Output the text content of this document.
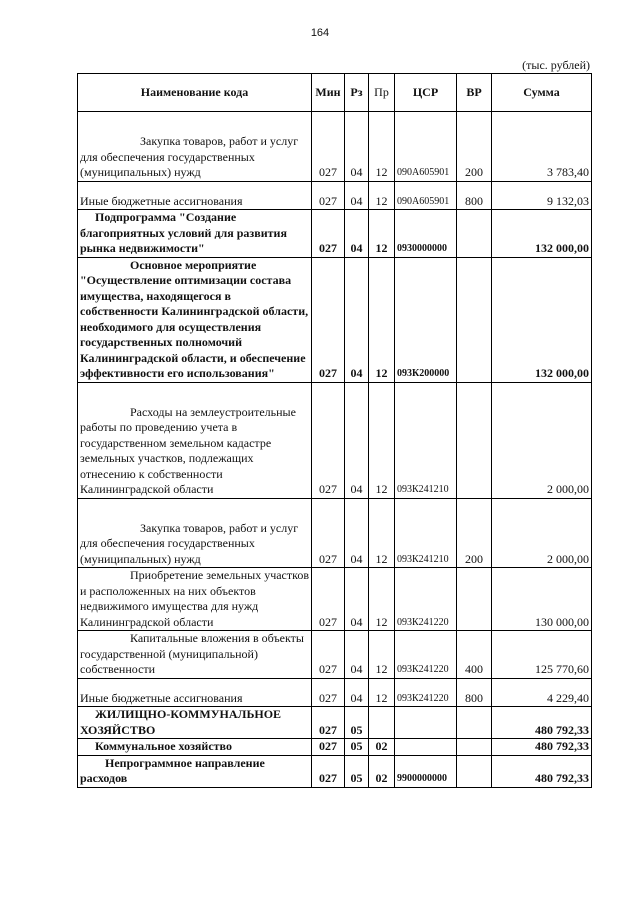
164
(тыс. рублей)
Наименование кода	Мин	Рз	Пр	ЦСР	ВР	Сумма
Закупка товаров, работ и услуг для обеспечения государственных (муниципальных) нужд	027	04	12	090А605901	200	3 783,40
Иные бюджетные ассигнования	027	04	12	090А605901	800	9 132,03
Подпрограмма "Создание благоприятных условий для развития рынка недвижимости"	027	04	12	0930000000		132 000,00
Основное мероприятие "Осуществление оптимизации состава имущества, находящегося в собственности Калининградской области, необходимого для осуществления государственных полномочий Калининградской области, и обеспечение эффективности его использования"	027	04	12	093К200000		132 000,00
Расходы на землеустроительные работы по проведению учета в государственном земельном кадастре земельных участков, подлежащих отнесению к собственности Калининградской области	027	04	12	093К241210		2 000,00
Закупка товаров, работ и услуг для обеспечения государственных (муниципальных) нужд	027	04	12	093К241210	200	2 000,00
Приобретение земельных участков и расположенных на них объектов недвижимого имущества для нужд Калининградской области	027	04	12	093К241220		130 000,00
Капитальные вложения в объекты государственной (муниципальной) собственности	027	04	12	093К241220	400	125 770,60
Иные бюджетные ассигнования	027	04	12	093К241220	800	4 229,40
ЖИЛИЩНО-КОММУНАЛЬНОЕ ХОЗЯЙСТВО	027	05				480 792,33
Коммунальное хозяйство	027	05	02			480 792,33
Непрограммное направление расходов	027	05	02	9900000000		480 792,33
